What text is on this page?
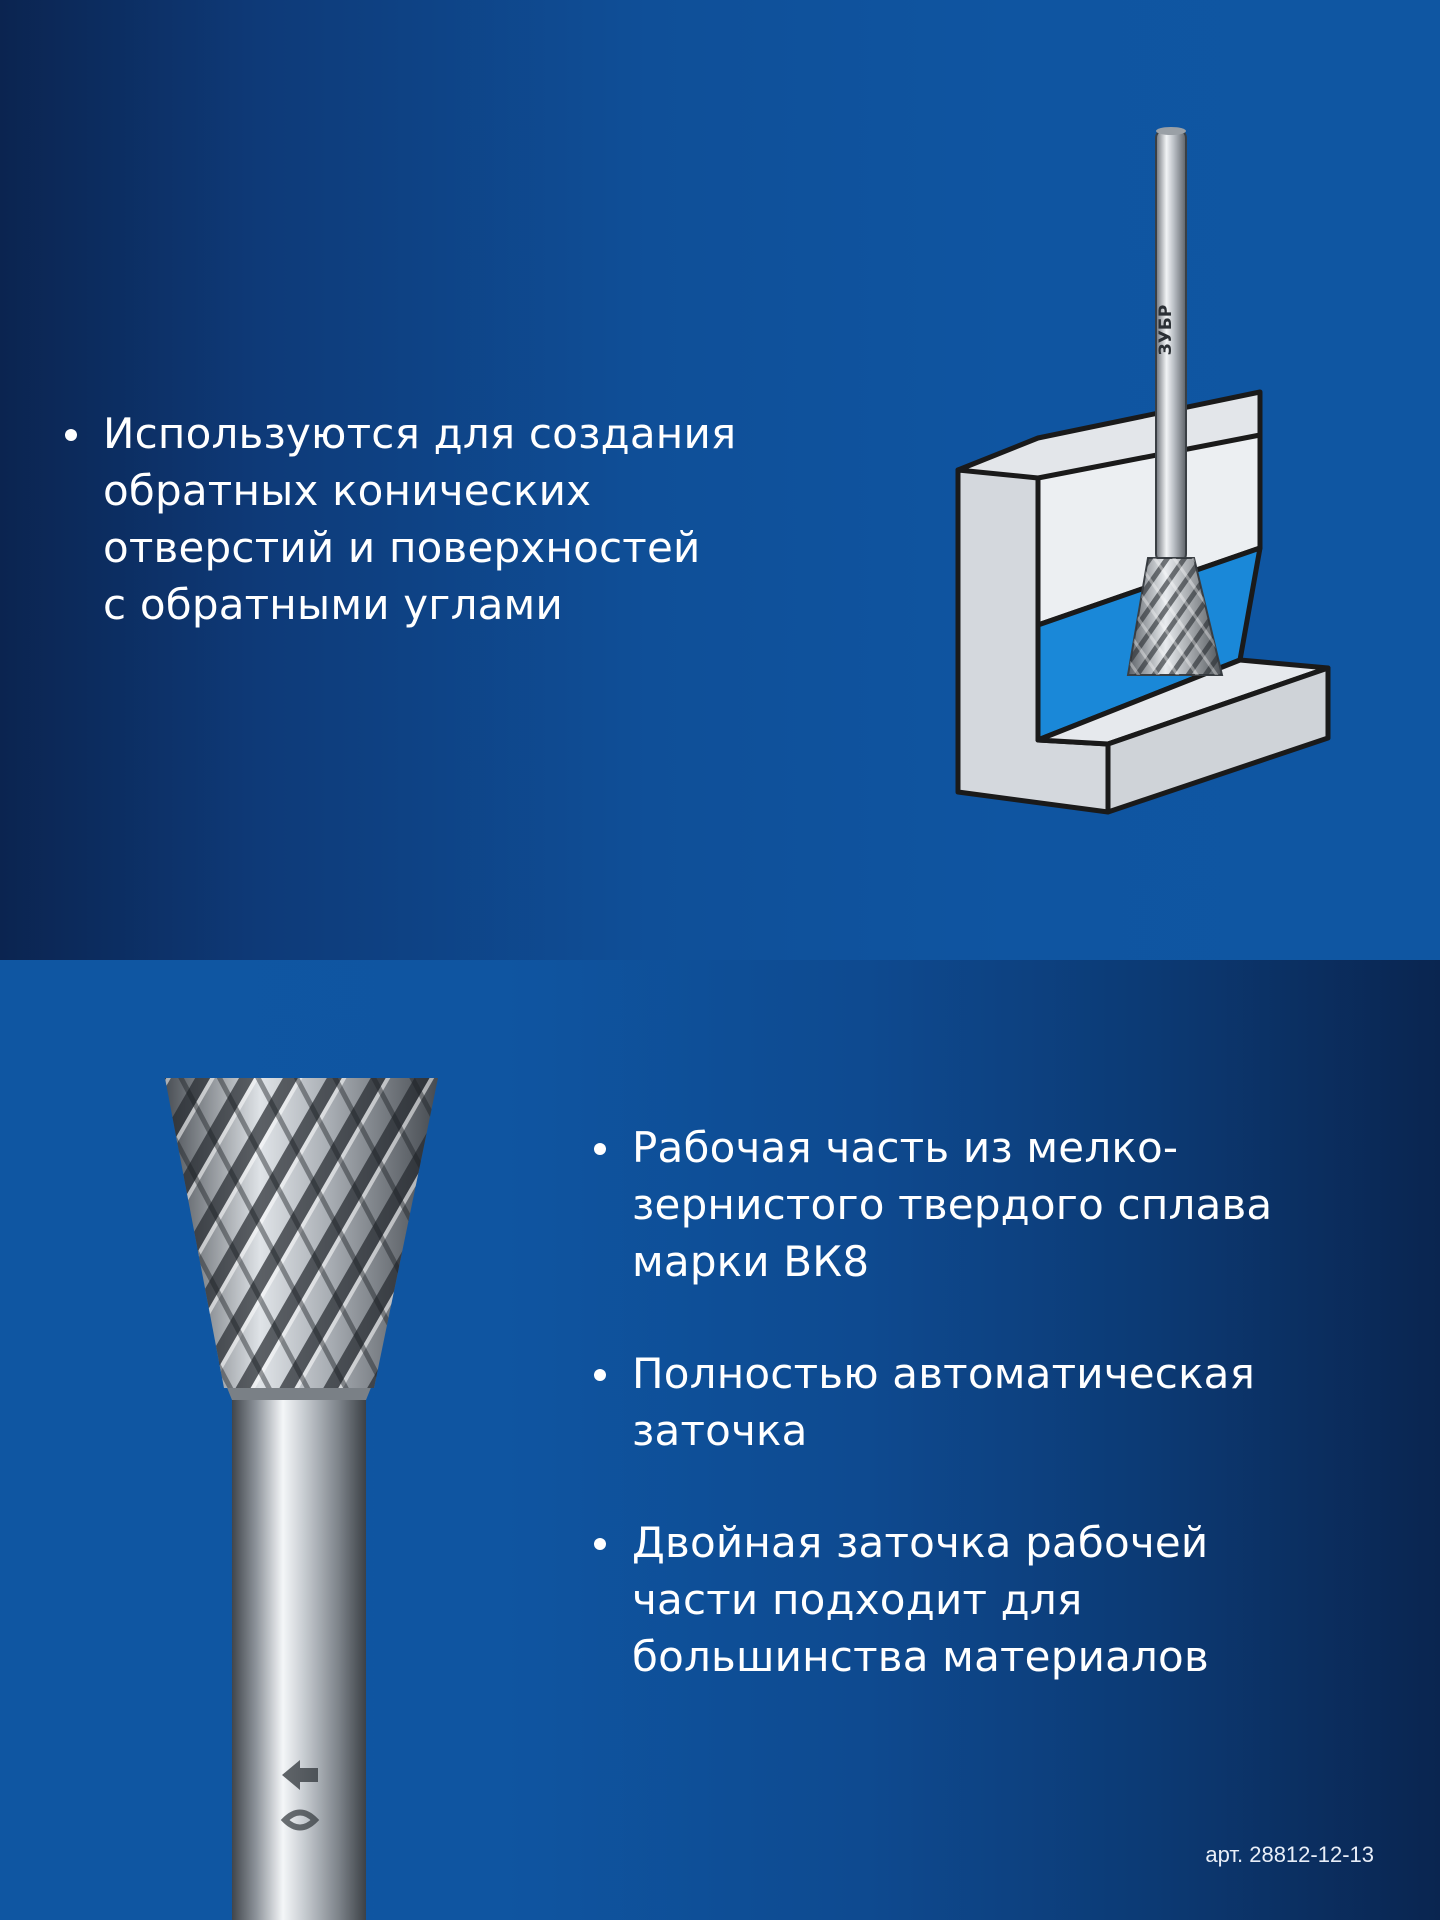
Используются для создания
обратных конических
отверстий и поверхностей
с обратными углами
ЗУБР
Рабочая часть из мелко-
зернистого твердого сплава
марки ВК8
Полностью автоматическая
заточка
Двойная заточка рабочей
части подходит для
большинства материалов
арт. 28812-12-13
